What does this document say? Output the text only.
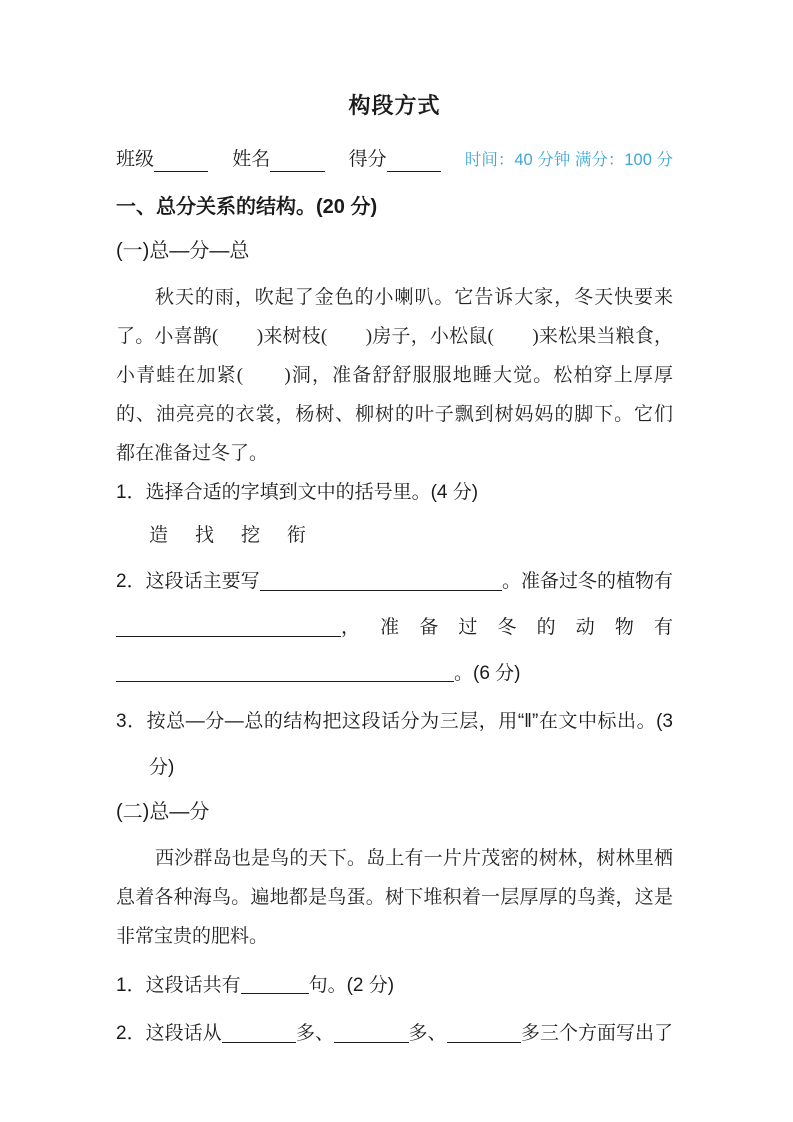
构段方式
班级	姓名	得分	时间：40 分钟 满分：100 分
一、总分关系的结构。(20 分)
(一)总—分—总
秋天的雨，吹起了金色的小喇叭。它告诉大家，冬天快要来
了。小喜鹊(　　)来树枝(　　)房子，小松鼠(　　)来松果当粮食，
小青蛙在加紧(　　)洞，准备舒舒服服地睡大觉。松柏穿上厚厚
的、油亮亮的衣裳，杨树、柳树的叶子飘到树妈妈的脚下。它们
都在准备过冬了。
1．选择合适的字填到文中的括号里。(4 分)
造 找 挖 衔
2．这段话主要写	。准备过冬的植物有
，准备过冬的动物有
。(6 分)
3．按总—分—总的结构把这段话分为三层，用“‖”在文中标出。(3
分)
(二)总—分
西沙群岛也是鸟的天下。岛上有一片片茂密的树林，树林里栖
息着各种海鸟。遍地都是鸟蛋。树下堆积着一层厚厚的鸟粪，这是
非常宝贵的肥料。
1．这段话共有	句。(2 分)
2．这段话从	多、	多、	多三个方面写出了
